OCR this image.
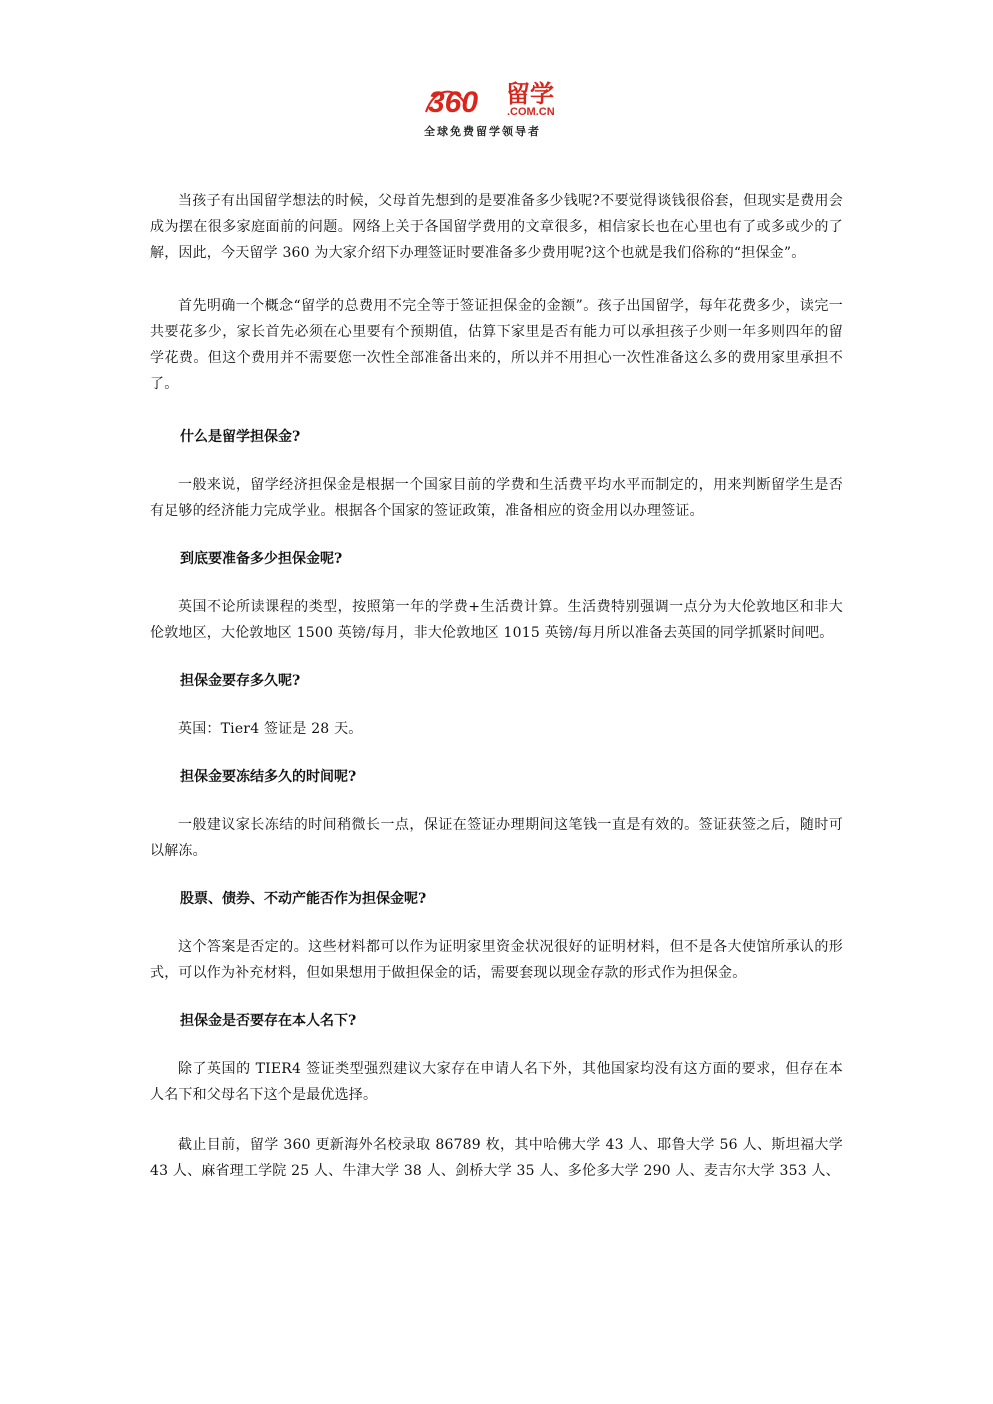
360 留学
.COM.CN
全球免费留学领导者

当孩子有出国留学想法的时候，父母首先想到的是要准备多少钱呢?不要觉得谈钱很俗套，但现实是费用会成为摆在很多家庭面前的问题。网络上关于各国留学费用的文章很多，相信家长也在心里也有了或多或少的了解，因此，今天留学 360 为大家介绍下办理签证时要准备多少费用呢?这个也就是我们俗称的“担保金”。

首先明确一个概念“留学的总费用不完全等于签证担保金的金额”。孩子出国留学，每年花费多少，读完一共要花多少，家长首先必须在心里要有个预期值，估算下家里是否有能力可以承担孩子少则一年多则四年的留学花费。但这个费用并不需要您一次性全部准备出来的，所以并不用担心一次性准备这么多的费用家里承担不了。

什么是留学担保金?

一般来说，留学经济担保金是根据一个国家目前的学费和生活费平均水平而制定的，用来判断留学生是否有足够的经济能力完成学业。根据各个国家的签证政策，准备相应的资金用以办理签证。

到底要准备多少担保金呢?

英国不论所读课程的类型，按照第一年的学费+生活费计算。生活费特别强调一点分为大伦敦地区和非大伦敦地区，大伦敦地区 1500 英镑/每月，非大伦敦地区 1015 英镑/每月所以准备去英国的同学抓紧时间吧。

担保金要存多久呢?

英国：Tier4 签证是 28 天。

担保金要冻结多久的时间呢?

一般建议家长冻结的时间稍微长一点，保证在签证办理期间这笔钱一直是有效的。签证获签之后，随时可以解冻。

股票、债券、不动产能否作为担保金呢?

这个答案是否定的。这些材料都可以作为证明家里资金状况很好的证明材料，但不是各大使馆所承认的形式，可以作为补充材料，但如果想用于做担保金的话，需要套现以现金存款的形式作为担保金。

担保金是否要存在本人名下?

除了英国的 TIER4 签证类型强烈建议大家存在申请人名下外，其他国家均没有这方面的要求，但存在本人名下和父母名下这个是最优选择。

截止目前，留学 360 更新海外名校录取 86789 枚，其中哈佛大学 43 人、耶鲁大学 56 人、斯坦福大学 43 人、麻省理工学院 25 人、牛津大学 38 人、剑桥大学 35 人、多伦多大学 290 人、麦吉尔大学 353 人、
